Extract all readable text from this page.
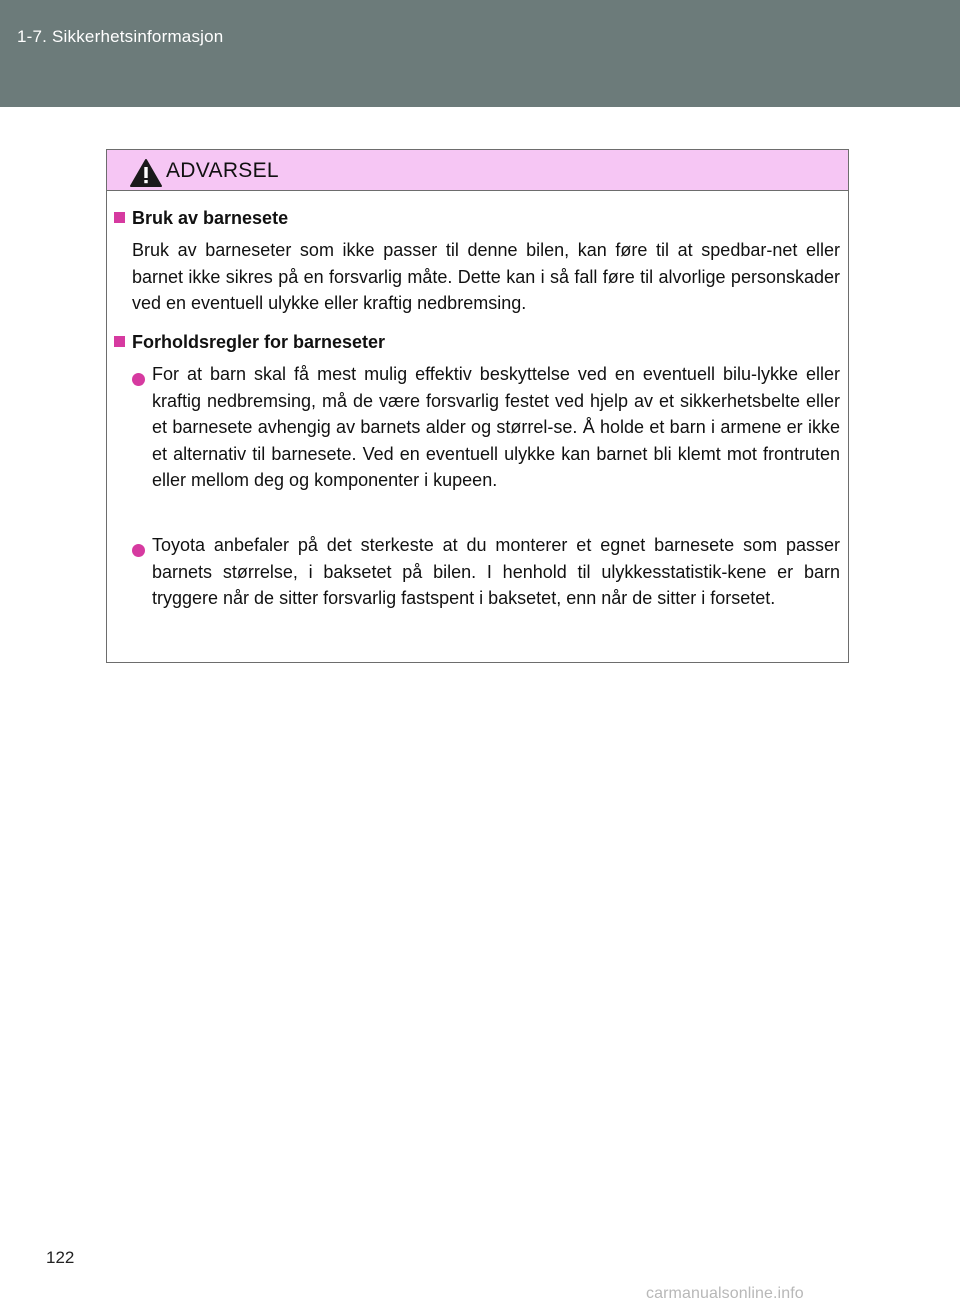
1-7. Sikkerhetsinformasjon
ADVARSEL
Bruk av barnesete
Bruk av barneseter som ikke passer til denne bilen, kan føre til at spedbar-net eller barnet ikke sikres på en forsvarlig måte. Dette kan i så fall føre til alvorlige personskader ved en eventuell ulykke eller kraftig nedbremsing.
Forholdsregler for barneseter
For at barn skal få mest mulig effektiv beskyttelse ved en eventuell bilu-lykke eller kraftig nedbremsing, må de være forsvarlig festet ved hjelp av et sikkerhetsbelte eller et barnesete avhengig av barnets alder og størrel-se. Å holde et barn i armene er ikke et alternativ til barnesete. Ved en eventuell ulykke kan barnet bli klemt mot frontruten eller mellom deg og komponenter i kupeen.
Toyota anbefaler på det sterkeste at du monterer et egnet barnesete som passer barnets størrelse, i baksetet på bilen. I henhold til ulykkesstatistik-kene er barn tryggere når de sitter forsvarlig fastspent i baksetet, enn når de sitter i forsetet.
122
carmanualsonline.info
